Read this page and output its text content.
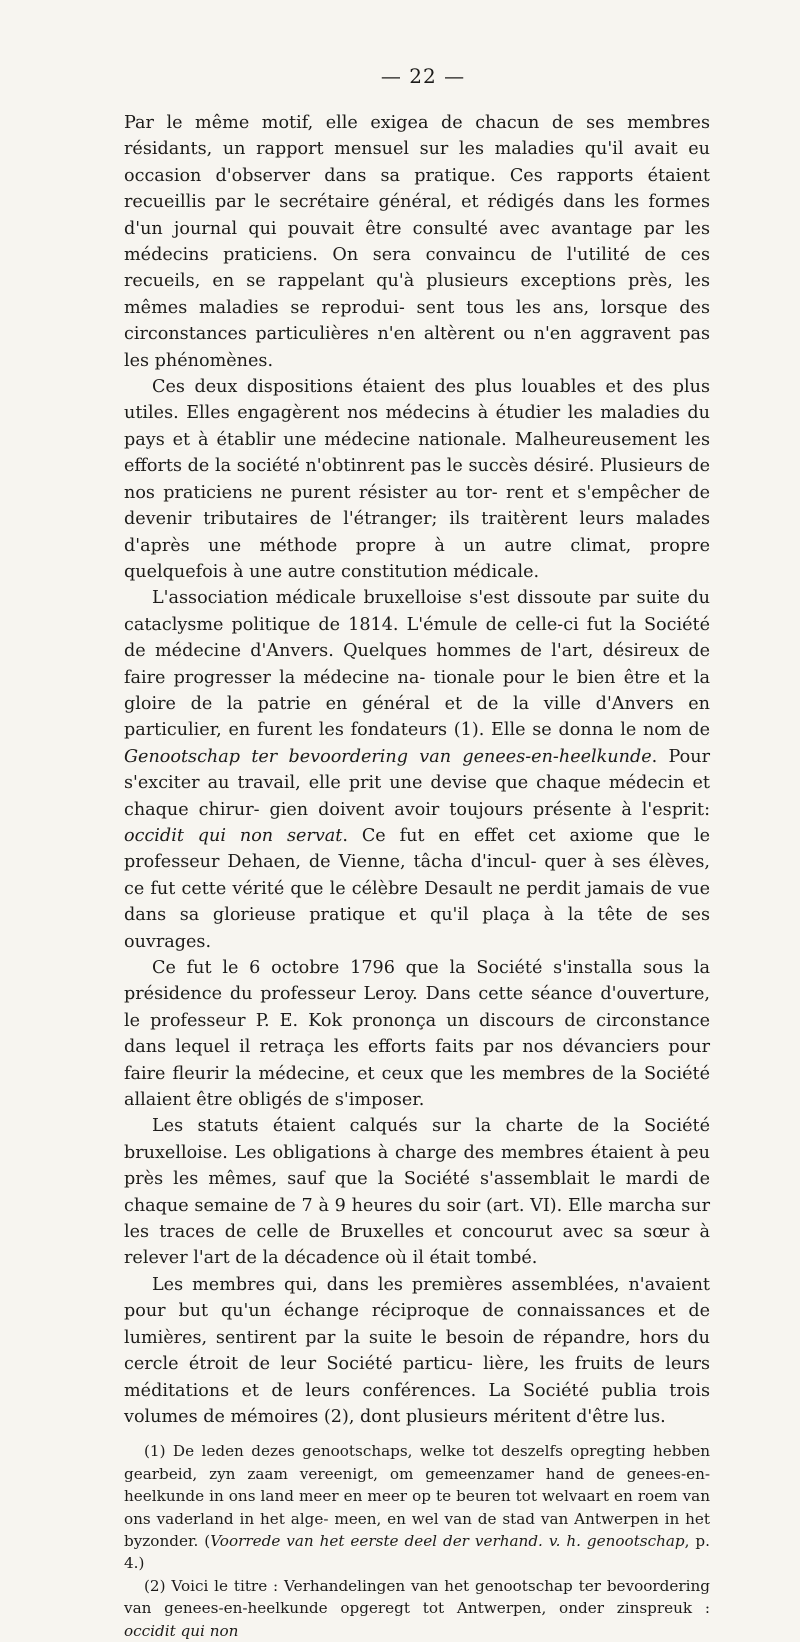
— 22 —

Par le même motif, elle exigea de chacun de ses membres résidants, un rapport mensuel sur les maladies qu'il avait eu occasion d'observer dans sa pratique. Ces rapports étaient recueillis par le secrétaire général, et rédigés dans les formes d'un journal qui pouvait être consulté avec avantage par les médecins praticiens. On sera convaincu de l'utilité de ces recueils, en se rappelant qu'à plusieurs exceptions près, les mêmes maladies se reprodui- sent tous les ans, lorsque des circonstances particulières n'en altèrent ou n'en aggravent pas les phénomènes.

Ces deux dispositions étaient des plus louables et des plus utiles. Elles engagèrent nos médecins à étudier les maladies du pays et à établir une médecine nationale. Malheureusement les efforts de la société n'obtinrent pas le succès désiré. Plusieurs de nos praticiens ne purent résister au tor- rent et s'empêcher de devenir tributaires de l'étranger; ils traitèrent leurs malades d'après une méthode propre à un autre climat, propre quelquefois à une autre constitution médicale.

L'association médicale bruxelloise s'est dissoute par suite du cataclysme politique de 1814. L'émule de celle-ci fut la Société de médecine d'Anvers. Quelques hommes de l'art, désireux de faire progresser la médecine na- tionale pour le bien être et la gloire de la patrie en général et de la ville d'Anvers en particulier, en furent les fondateurs (1). Elle se donna le nom de Genootschap ter bevoordering van genees-en-heelkunde. Pour s'exciter au travail, elle prit une devise que chaque médecin et chaque chirur- gien doivent avoir toujours présente à l'esprit: occidit qui non servat. Ce fut en effet cet axiome que le professeur Dehaen, de Vienne, tâcha d'incul- quer à ses élèves, ce fut cette vérité que le célèbre Desault ne perdit jamais de vue dans sa glorieuse pratique et qu'il plaça à la tête de ses ouvrages.

Ce fut le 6 octobre 1796 que la Société s'installa sous la présidence du professeur Leroy. Dans cette séance d'ouverture, le professeur P. E. Kok prononça un discours de circonstance dans lequel il retraça les efforts faits par nos dévanciers pour faire fleurir la médecine, et ceux que les membres de la Société allaient être obligés de s'imposer.

Les statuts étaient calqués sur la charte de la Société bruxelloise. Les obligations à charge des membres étaient à peu près les mêmes, sauf que la Société s'assemblait le mardi de chaque semaine de 7 à 9 heures du soir (art. VI). Elle marcha sur les traces de celle de Bruxelles et concourut avec sa sœur à relever l'art de la décadence où il était tombé.

Les membres qui, dans les premières assemblées, n'avaient pour but qu'un échange réciproque de connaissances et de lumières, sentirent par la suite le besoin de répandre, hors du cercle étroit de leur Société particu- lière, les fruits de leurs méditations et de leurs conférences. La Société publia trois volumes de mémoires (2), dont plusieurs méritent d'être lus.

(1) De leden dezes genootschaps, welke tot deszelfs opregting hebben gearbeid, zyn zaam vereenigt, om gemeenzamer hand de genees-en-heelkunde in ons land meer en meer op te beuren tot welvaart en roem van ons vaderland in het alge- meen, en wel van de stad van Antwerpen in het byzonder. (Voorrede van het eerste deel der verhand. v. h. genootschap, p. 4.)

(2) Voici le titre : Verhandelingen van het genootschap ter bevoordering van genees-en-heelkunde opgeregt tot Antwerpen, onder zinspreuk : occidit qui non
